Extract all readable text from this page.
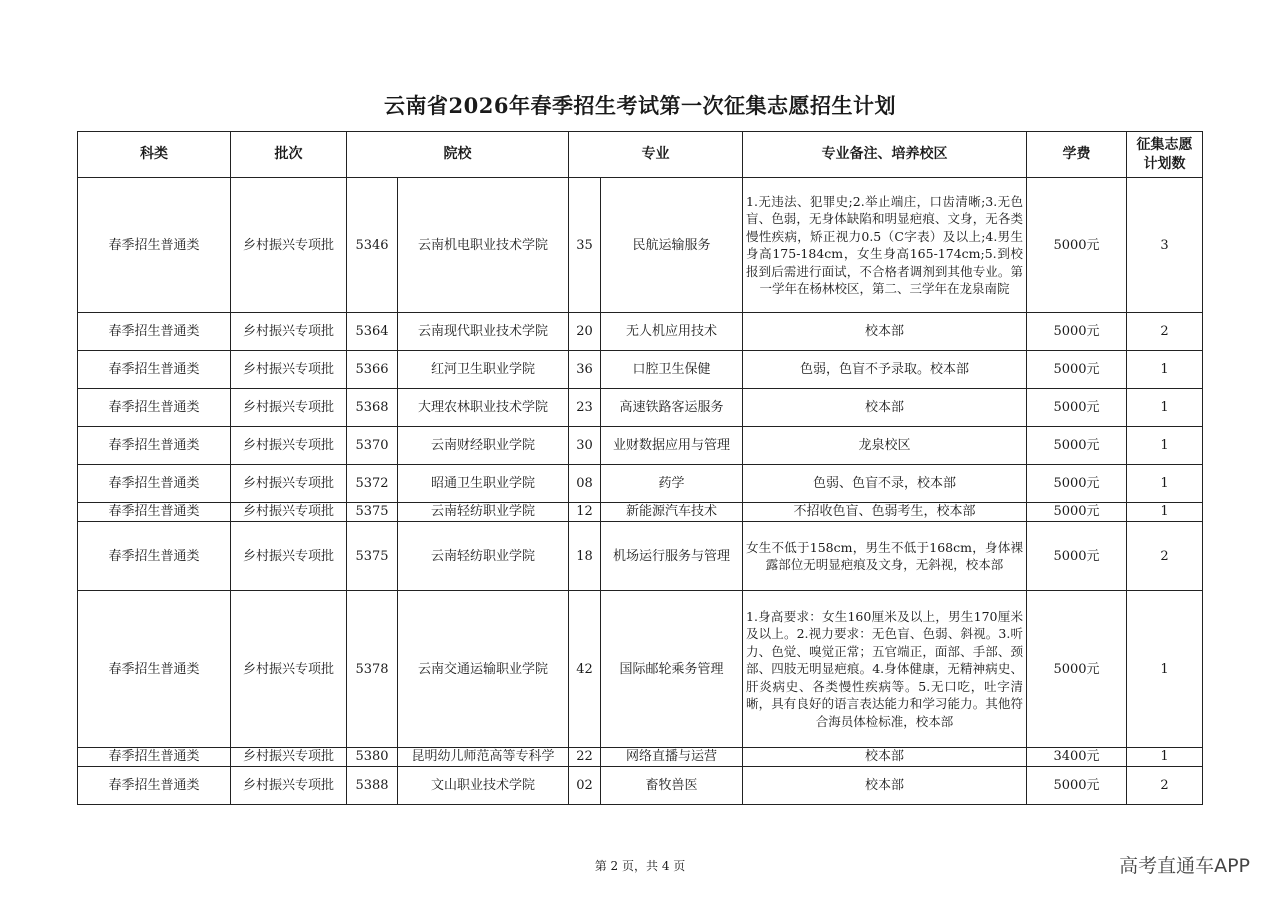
云南省2026年春季招生考试第一次征集志愿招生计划
科类	批次	院校		专业		专业备注、培养校区	学费	征集志愿计划数
春季招生普通类	乡村振兴专项批	5346	云南机电职业技术学院	35	民航运输服务	1.无违法、犯罪史;2.举止端庄，口齿清晰;3.无色盲、色弱，无身体缺陷和明显疤痕、文身，无各类慢性疾病，矫正视力0.5（C字表）及以上;4.男生身高175-184cm，女生身高165-174cm;5.到校报到后需进行面试，不合格者调剂到其他专业。第一学年在杨林校区，第二、三学年在龙泉南院	5000元	3
春季招生普通类	乡村振兴专项批	5364	云南现代职业技术学院	20	无人机应用技术	校本部	5000元	2
春季招生普通类	乡村振兴专项批	5366	红河卫生职业学院	36	口腔卫生保健	色弱，色盲不予录取。校本部	5000元	1
春季招生普通类	乡村振兴专项批	5368	大理农林职业技术学院	23	高速铁路客运服务	校本部	5000元	1
春季招生普通类	乡村振兴专项批	5370	云南财经职业学院	30	业财数据应用与管理	龙泉校区	5000元	1
春季招生普通类	乡村振兴专项批	5372	昭通卫生职业学院	08	药学	色弱、色盲不录，校本部	5000元	1
春季招生普通类	乡村振兴专项批	5375	云南轻纺职业学院	12	新能源汽车技术	不招收色盲、色弱考生，校本部	5000元	1
春季招生普通类	乡村振兴专项批	5375	云南轻纺职业学院	18	机场运行服务与管理	女生不低于158cm，男生不低于168cm，身体裸露部位无明显疤痕及文身，无斜视，校本部	5000元	2
春季招生普通类	乡村振兴专项批	5378	云南交通运输职业学院	42	国际邮轮乘务管理	1.身高要求：女生160厘米及以上，男生170厘米及以上。2.视力要求：无色盲、色弱、斜视。3.听力、色觉、嗅觉正常；五官端正，面部、手部、颈部、四肢无明显疤痕。4.身体健康，无精神病史、肝炎病史、各类慢性疾病等。5.无口吃，吐字清晰，具有良好的语言表达能力和学习能力。其他符合海员体检标准，校本部	5000元	1
春季招生普通类	乡村振兴专项批	5380	昆明幼儿师范高等专科学	22	网络直播与运营	校本部	3400元	1
春季招生普通类	乡村振兴专项批	5388	文山职业技术学院	02	畜牧兽医	校本部	5000元	2
第 2 页，共 4 页	高考直通车APP
